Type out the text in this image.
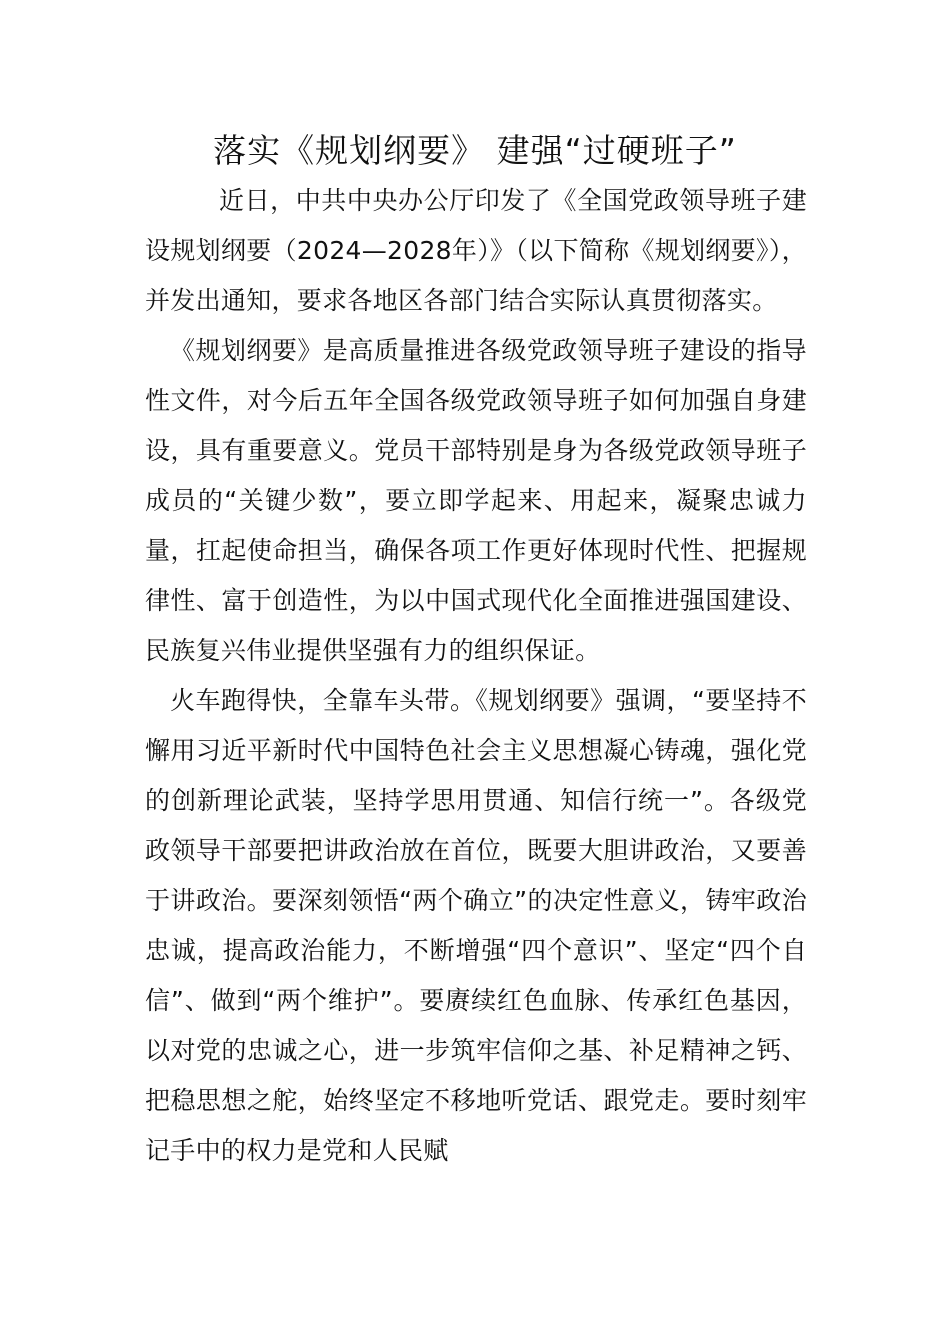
落实《规划纲要》 建强“过硬班子”

近日，中共中央办公厅印发了《全国党政领导班子建设规划纲要（2024—2028年）》（以下简称《规划纲要》），并发出通知，要求各地区各部门结合实际认真贯彻落实。

《规划纲要》是高质量推进各级党政领导班子建设的指导性文件，对今后五年全国各级党政领导班子如何加强自身建设，具有重要意义。党员干部特别是身为各级党政领导班子成员的“关键少数”，要立即学起来、用起来，凝聚忠诚力量，扛起使命担当，确保各项工作更好体现时代性、把握规律性、富于创造性，为以中国式现代化全面推进强国建设、民族复兴伟业提供坚强有力的组织保证。

火车跑得快，全靠车头带。《规划纲要》强调，“要坚持不懈用习近平新时代中国特色社会主义思想凝心铸魂，强化党的创新理论武装，坚持学思用贯通、知信行统一”。各级党政领导干部要把讲政治放在首位，既要大胆讲政治，又要善于讲政治。要深刻领悟“两个确立”的决定性意义，铸牢政治忠诚，提高政治能力，不断增强“四个意识”、坚定“四个自信”、做到“两个维护”。要赓续红色血脉、传承红色基因，以对党的忠诚之心，进一步筑牢信仰之基、补足精神之钙、把稳思想之舵，始终坚定不移地听党话、跟党走。要时刻牢记手中的权力是党和人民赋
